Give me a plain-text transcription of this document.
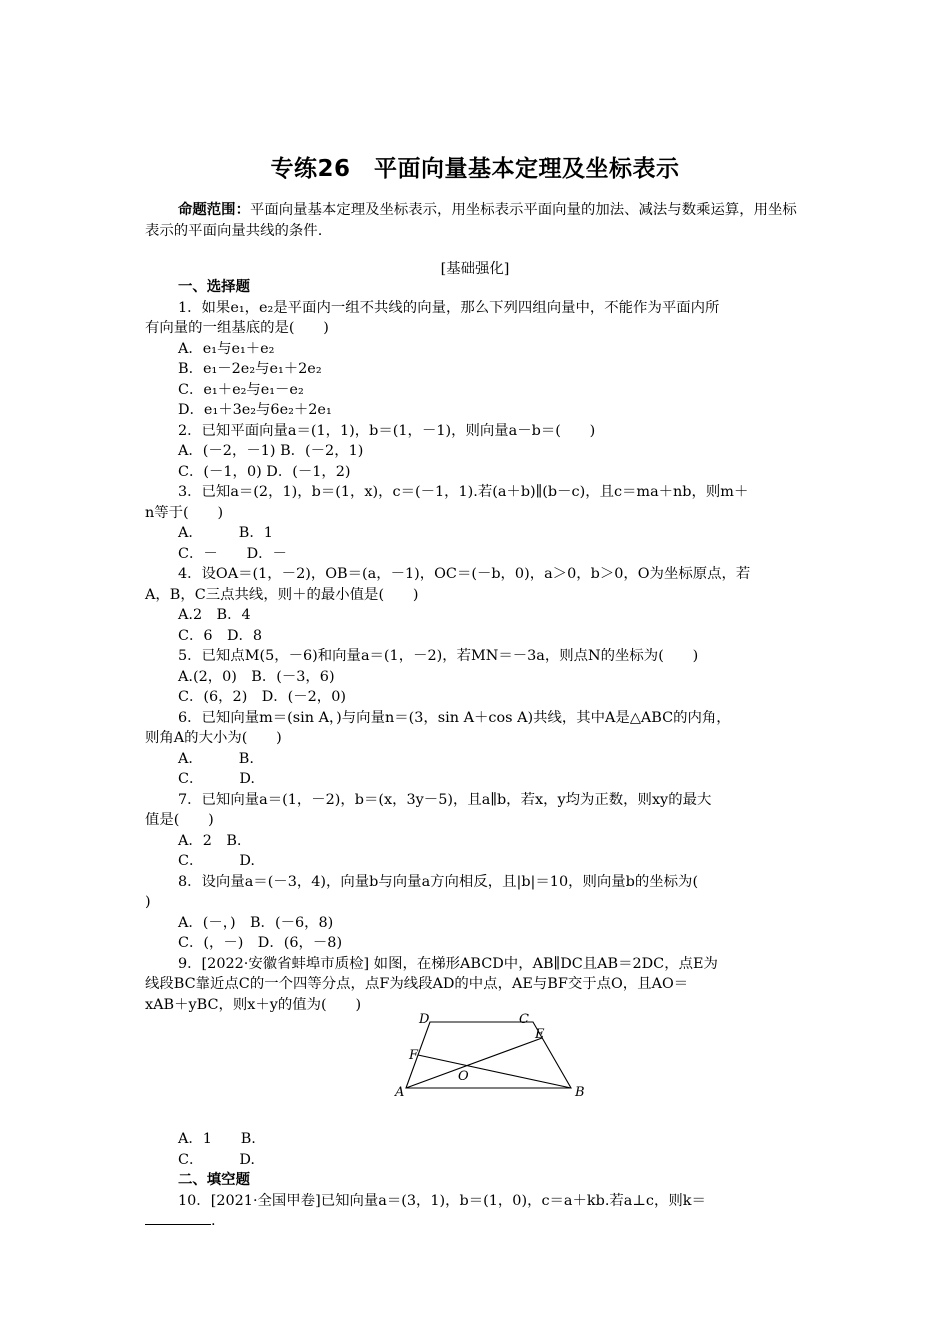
专练26　平面向量基本定理及坐标表示
命题范围：平面向量基本定理及坐标表示，用坐标表示平面向量的加法、减法与数乘运算，用坐标表示的平面向量共线的条件.
[基础强化]
一、选择题
1．如果e₁，e₂是平面内一组不共线的向量，那么下列四组向量中，不能作为平面内所
有向量的一组基底的是(　　)
A．e₁与e₁＋e₂
B．e₁－2e₂与e₁＋2e₂
C．e₁＋e₂与e₁－e₂
D．e₁＋3e₂与6e₂＋2e₁
2．已知平面向量a＝(1，1)，b＝(1，－1)，则向量a－b＝(　　)
A．(－2，－1) B．(－2，1)
C．(－1，0) D．(－1，2)
3．已知a＝(2，1)，b＝(1，x)，c＝(－1，1).若(a＋b)∥(b－c)，且c＝ma＋nb，则m＋
n等于(　　)
A．　　　B．1
C．－　　D．－
4．设OA＝(1，－2)，OB＝(a，－1)，OC＝(－b，0)，a＞0，b＞0，O为坐标原点，若
A，B，C三点共线，则＋的最小值是(　　)
A.2　B．4
C．6　D．8
5．已知点M(5，－6)和向量a＝(1，－2)，若MN＝－3a，则点N的坐标为(　　)
A.(2，0)　B．(－3，6)
C．(6，2)　D．(－2，0)
6．已知向量m＝(sin A，)与向量n＝(3，sin A＋cos A)共线，其中A是△ABC的内角，
则角A的大小为(　　)
A．　　　B.
C．　　　D.
7．已知向量a＝(1，－2)，b＝(x，3y－5)，且a∥b，若x，y均为正数，则xy的最大
值是(　　)
A．2　B.
C．　　　D.
8．设向量a＝(－3，4)，向量b与向量a方向相反，且|b|＝10，则向量b的坐标为(
)
A．(－，)　B．(－6，8)
C．(，－)　D．(6，－8)
9．[2022·安徽省蚌埠市质检] 如图，在梯形ABCD中，AB∥DC且AB＝2DC，点E为
线段BC靠近点C的一个四等分点，点F为线段AD的中点，AE与BF交于点O，且AO＝
xAB＋yBC，则x＋y的值为(　　)
A．1　　B.
C．　　　D.
二、填空题
10．[2021·全国甲卷]已知向量a＝(3，1)，b＝(1，0)，c＝a＋kb.若a⊥c，则k＝
.
D	C
E
F
O
A	B
